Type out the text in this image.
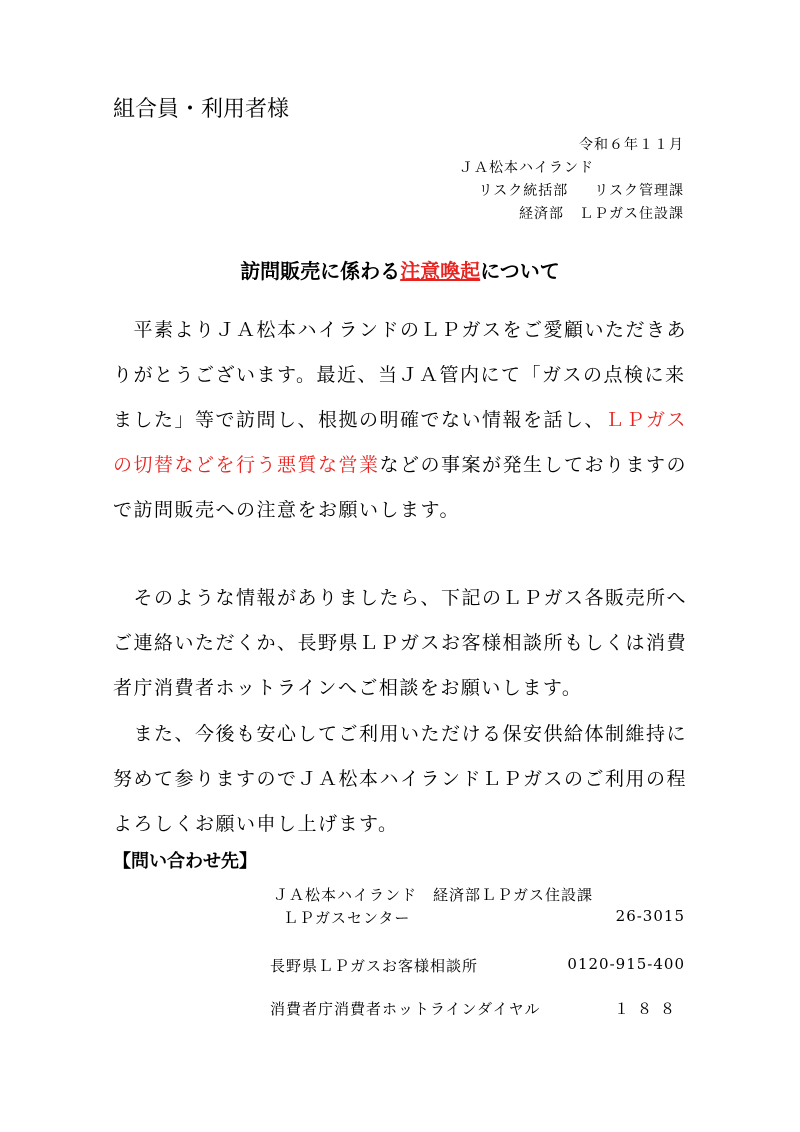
組合員・利用者様
令和６年１１月
ＪＡ松本ハイランド
リスク統括部 リスク管理課
経済部　ＬＰガス住設課
訪問販売に係わる注意喚起について
　平素よりＪＡ松本ハイランドのＬＰガスをご愛顧いただきありがとうございます。最近、当ＪＡ管内にて「ガスの点検に来ました」等で訪問し、根拠の明確でない情報を話し、ＬＰガスの切替などを行う悪質な営業などの事案が発生しておりますので訪問販売への注意をお願いします。
　そのような情報がありましたら、下記のＬＰガス各販売所へご連絡いただくか、長野県ＬＰガスお客様相談所もしくは消費者庁消費者ホットラインへご相談をお願いします。
　また、今後も安心してご利用いただける保安供給体制維持に努めて参りますのでＪＡ松本ハイランドＬＰガスのご利用の程よろしくお願い申し上げます。
【問い合わせ先】
ＪＡ松本ハイランド　経済部ＬＰガス住設課
ＬＰガスセンター	26-3015
長野県ＬＰガスお客様相談所	0120-915-400
消費者庁消費者ホットラインダイヤル	１８８
